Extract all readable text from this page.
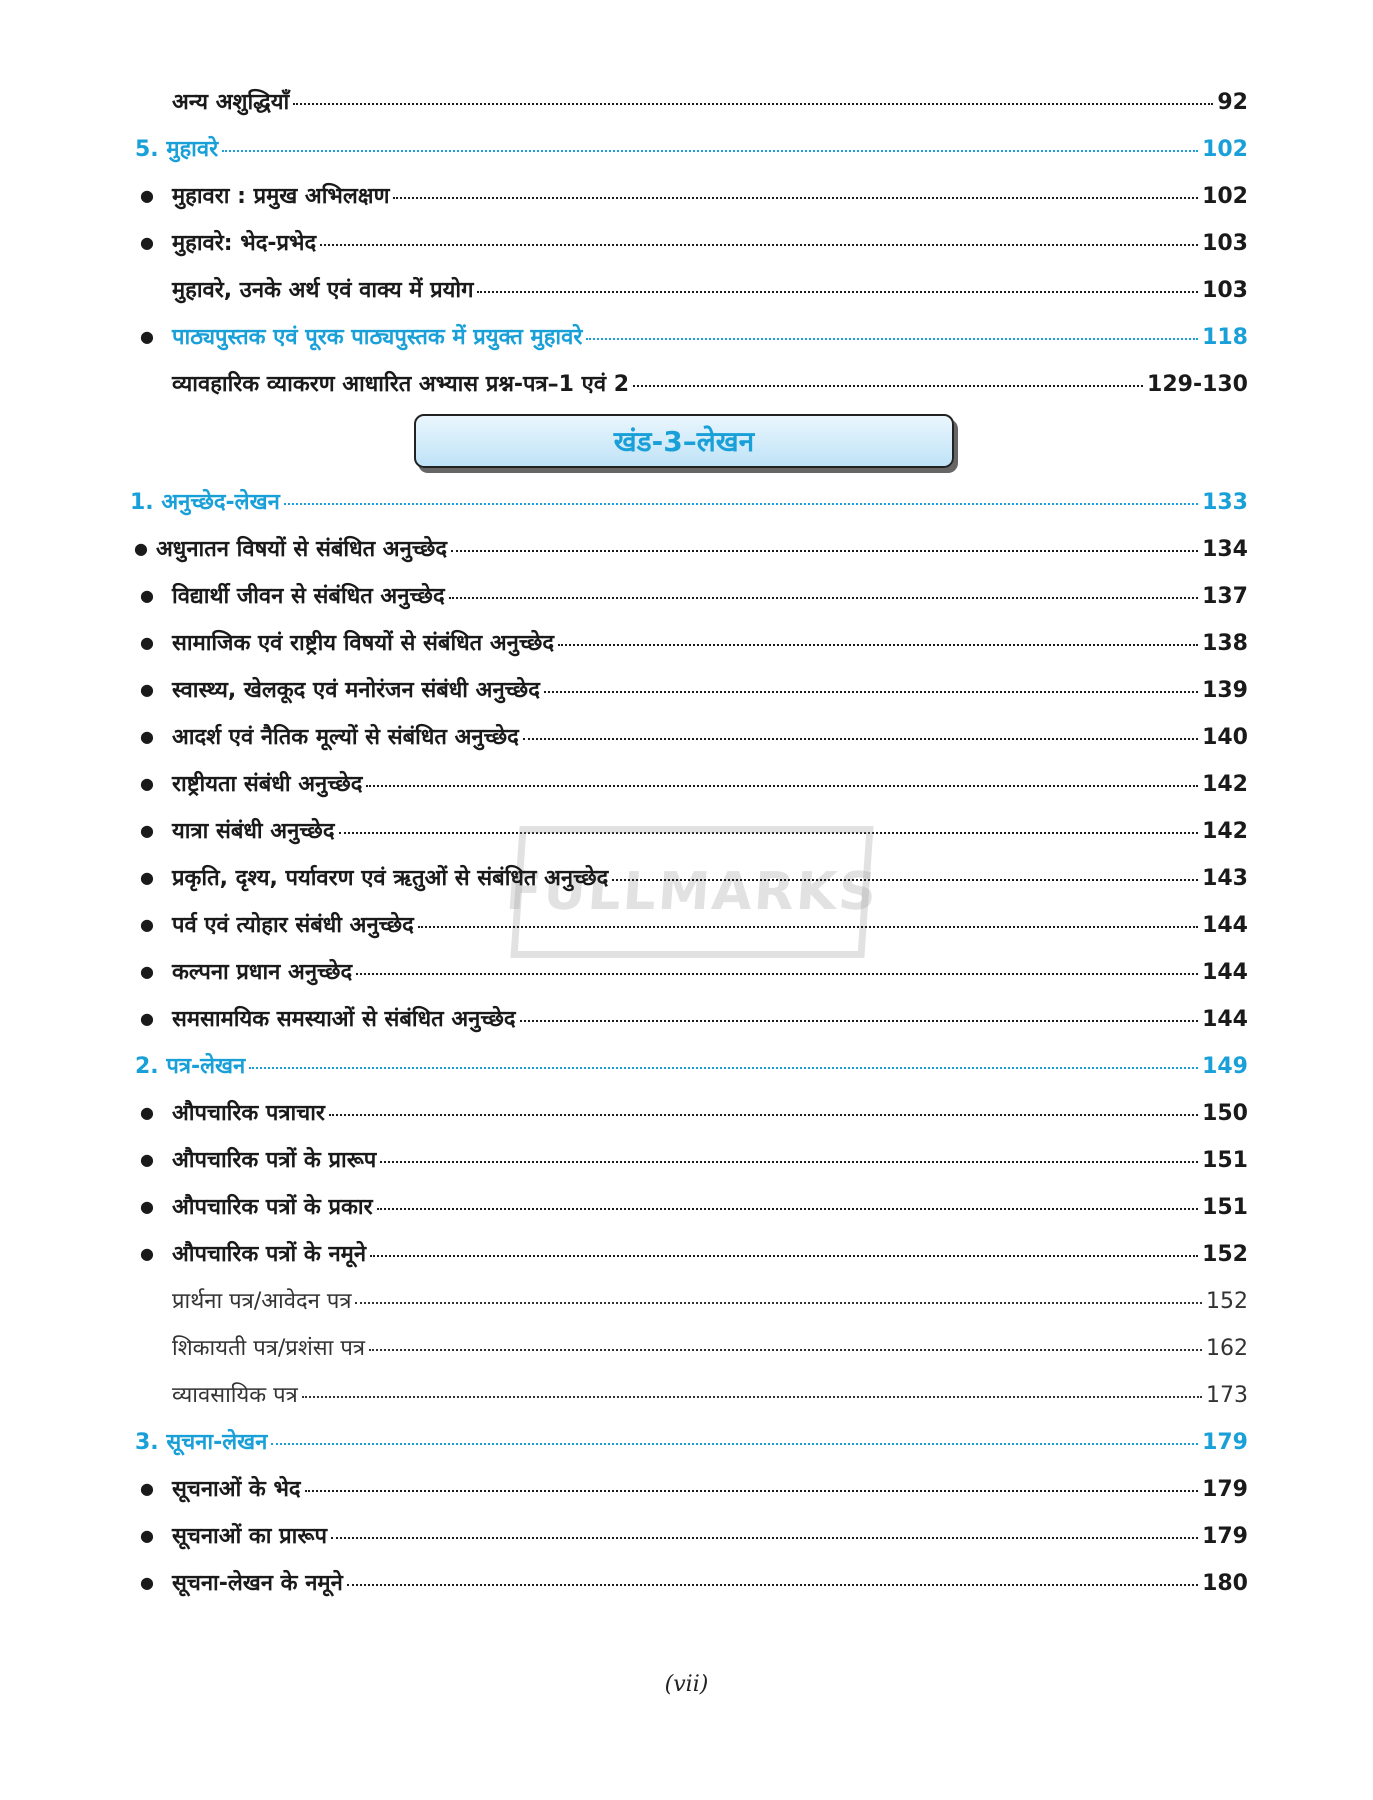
अन्य अशुद्धियाँ	92
5. मुहावरे	102
● मुहावरा : प्रमुख अभिलक्षण	102
● मुहावरे: भेद-प्रभेद	103
मुहावरे, उनके अर्थ एवं वाक्य में प्रयोग	103
● पाठ्यपुस्तक एवं पूरक पाठ्यपुस्तक में प्रयुक्त मुहावरे	118
व्यावहारिक व्याकरण आधारित अभ्यास प्रश्न-पत्र–1 एवं 2	129-130
खंड-3–लेखन
1. अनुच्छेद-लेखन	133
● अधुनातन विषयों से संबंधित अनुच्छेद	134
● विद्यार्थी जीवन से संबंधित अनुच्छेद	137
● सामाजिक एवं राष्ट्रीय विषयों से संबंधित अनुच्छेद	138
● स्वास्थ्य, खेलकूद एवं मनोरंजन संबंधी अनुच्छेद	139
● आदर्श एवं नैतिक मूल्यों से संबंधित अनुच्छेद	140
● राष्ट्रीयता संबंधी अनुच्छेद	142
● यात्रा संबंधी अनुच्छेद	142
FULLMARKS
● प्रकृति, दृश्य, पर्यावरण एवं ऋतुओं से संबंधित अनुच्छेद	143
● पर्व एवं त्योहार संबंधी अनुच्छेद	144
● कल्पना प्रधान अनुच्छेद	144
● समसामयिक समस्याओं से संबंधित अनुच्छेद	144
2. पत्र-लेखन	149
● औपचारिक पत्राचार	150
● औपचारिक पत्रों के प्रारूप	151
● औपचारिक पत्रों के प्रकार	151
● औपचारिक पत्रों के नमूने	152
प्रार्थना पत्र/आवेदन पत्र	152
शिकायती पत्र/प्रशंसा पत्र	162
व्यावसायिक पत्र	173
3. सूचना-लेखन	179
● सूचनाओं के भेद	179
● सूचनाओं का प्रारूप	179
● सूचना-लेखन के नमूने	180
(vii)
